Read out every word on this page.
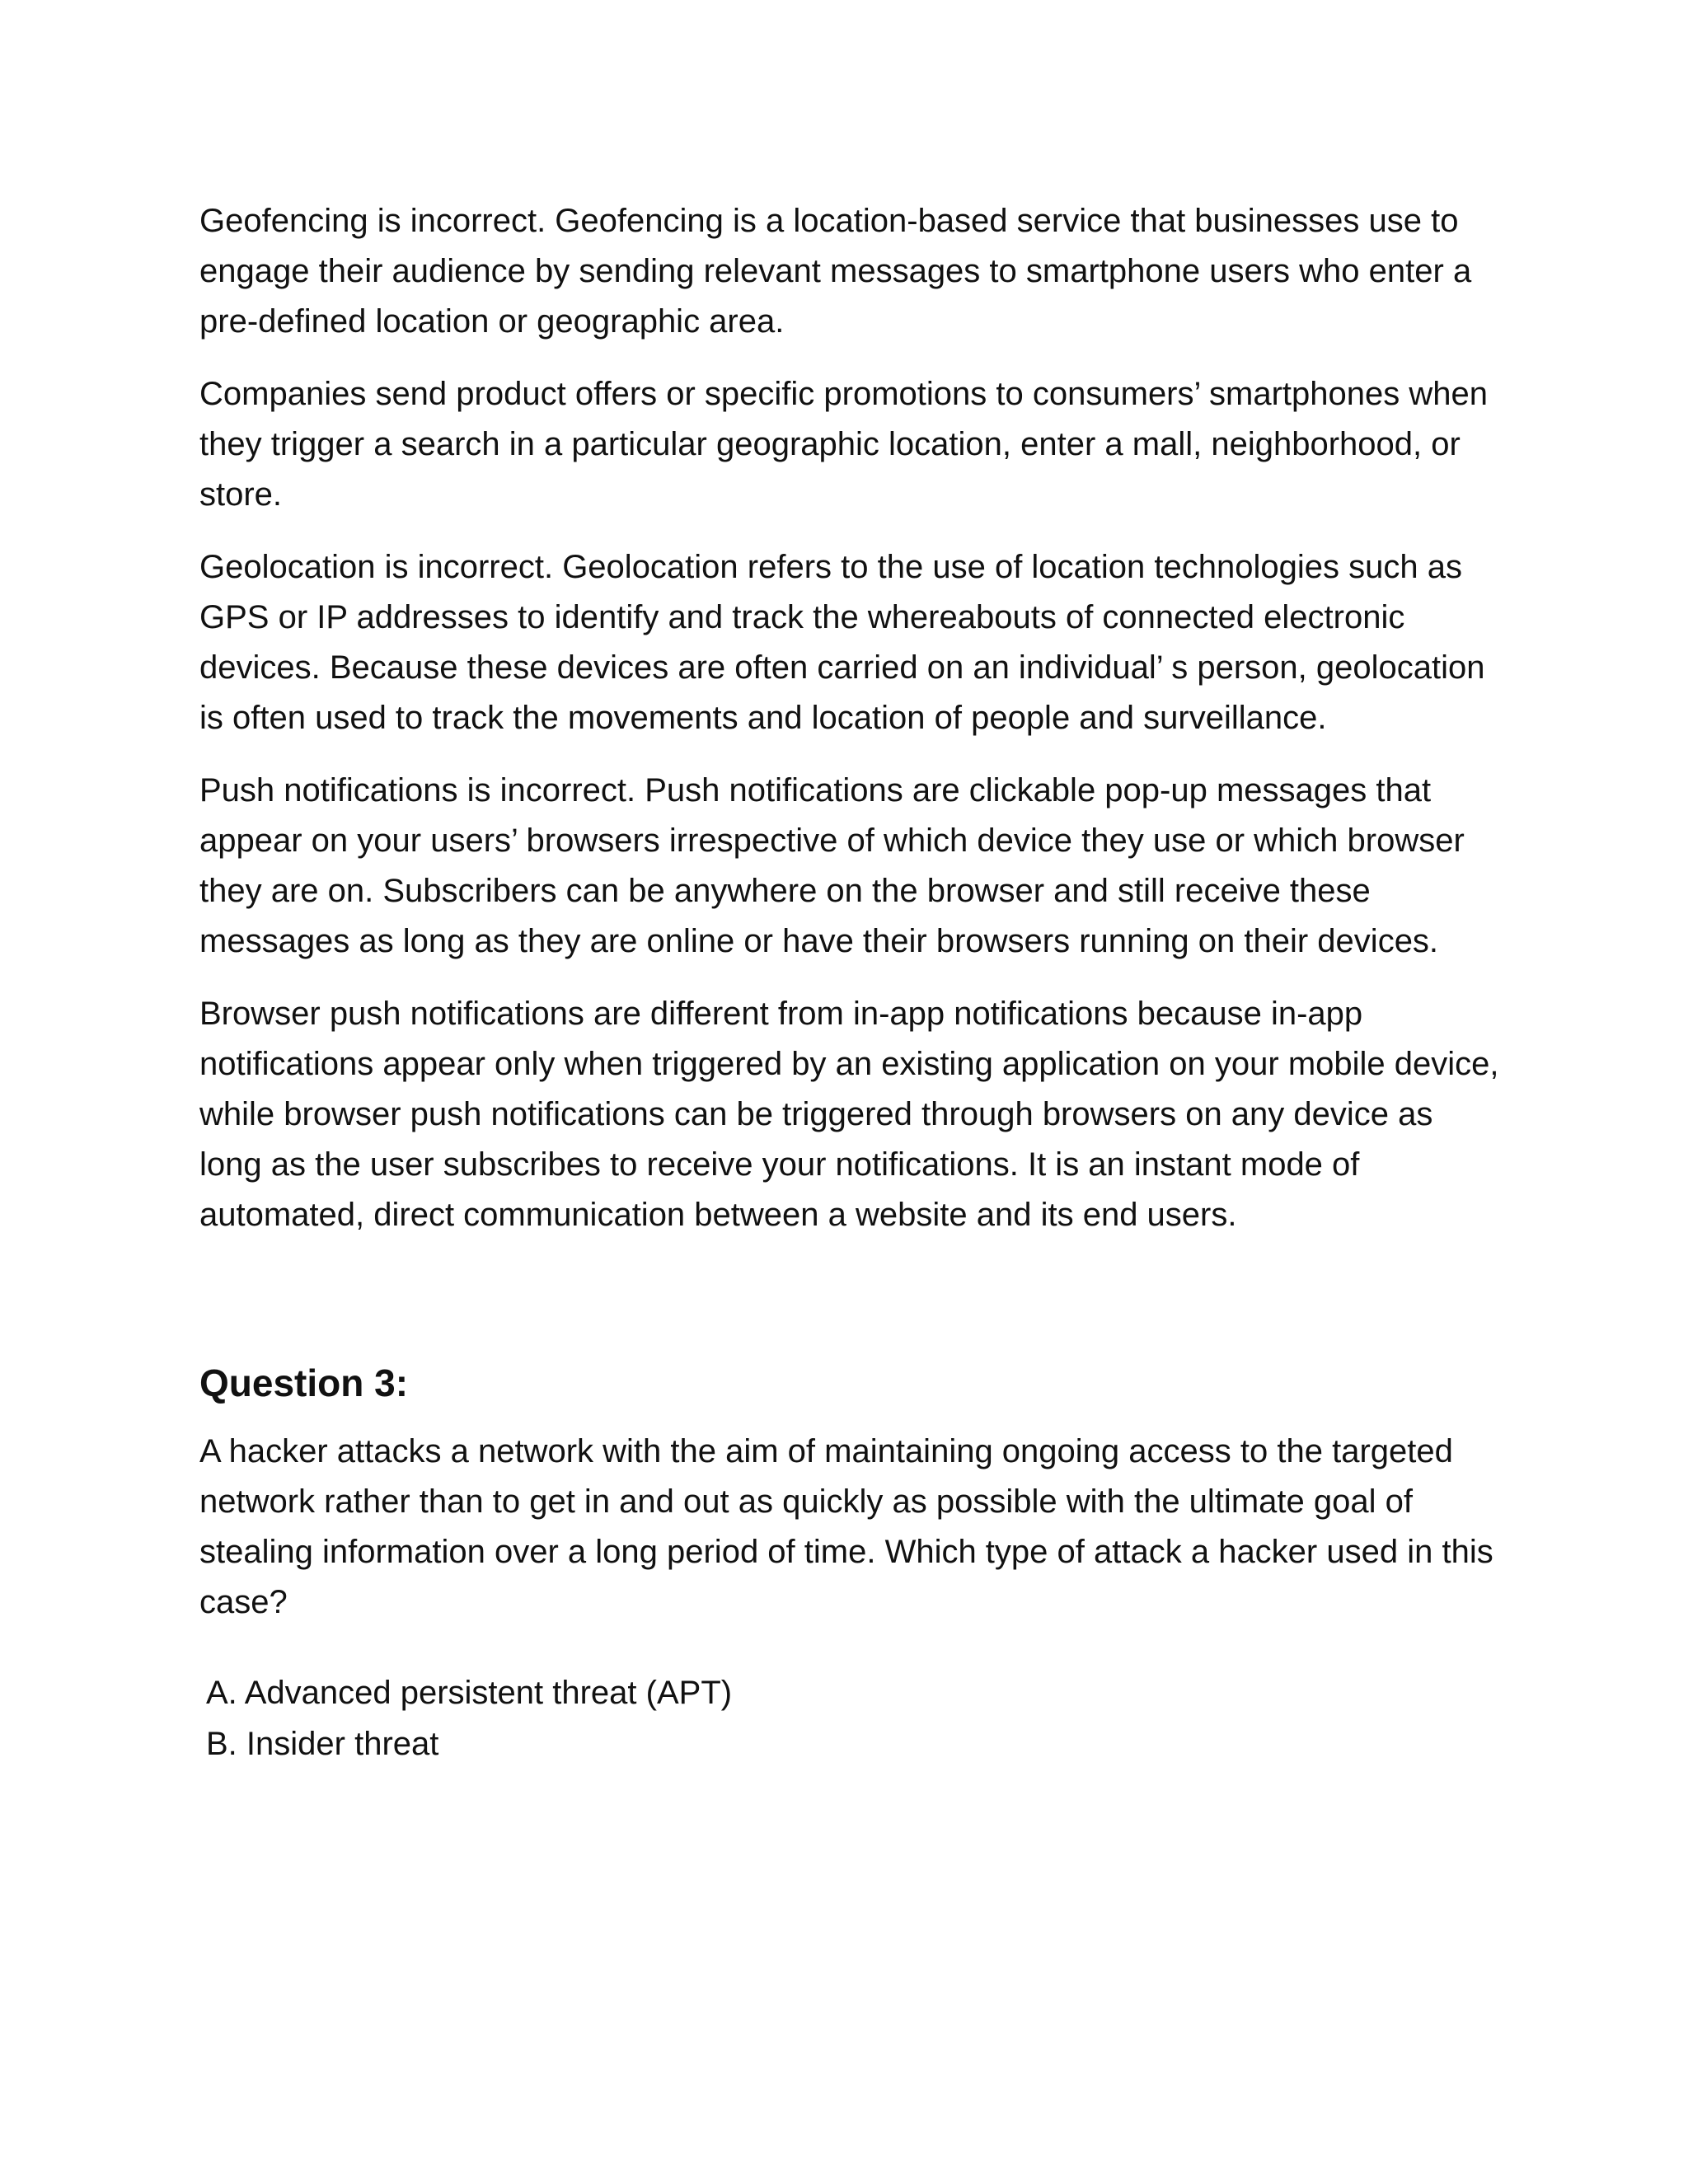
Geofencing is incorrect. Geofencing is a location-based service that businesses use to engage their audience by sending relevant messages to smartphone users who enter a pre-defined location or geographic area.

Companies send product offers or specific promotions to consumers’ smartphones when they trigger a search in a particular geographic location, enter a mall, neighborhood, or store.

Geolocation is incorrect. Geolocation refers to the use of location technologies such as GPS or IP addresses to identify and track the whereabouts of connected electronic devices. Because these devices are often carried on an individual’ s person, geolocation is often used to track the movements and location of people and surveillance.

Push notifications is incorrect. Push notifications are clickable pop-up messages that appear on your users’ browsers irrespective of which device they use or which browser they are on. Subscribers can be anywhere on the browser and still receive these messages as long as they are online or have their browsers running on their devices.

Browser push notifications are different from in-app notifications because in-app notifications appear only when triggered by an existing application on your mobile device, while browser push notifications can be triggered through browsers on any device as long as the user subscribes to receive your notifications. It is an instant mode of automated, direct communication between a website and its end users.

Question 3:

A hacker attacks a network with the aim of maintaining ongoing access to the targeted network rather than to get in and out as quickly as possible with the ultimate goal of stealing information over a long period of time. Which type of attack a hacker used in this case?

A. Advanced persistent threat (APT)
B. Insider threat
